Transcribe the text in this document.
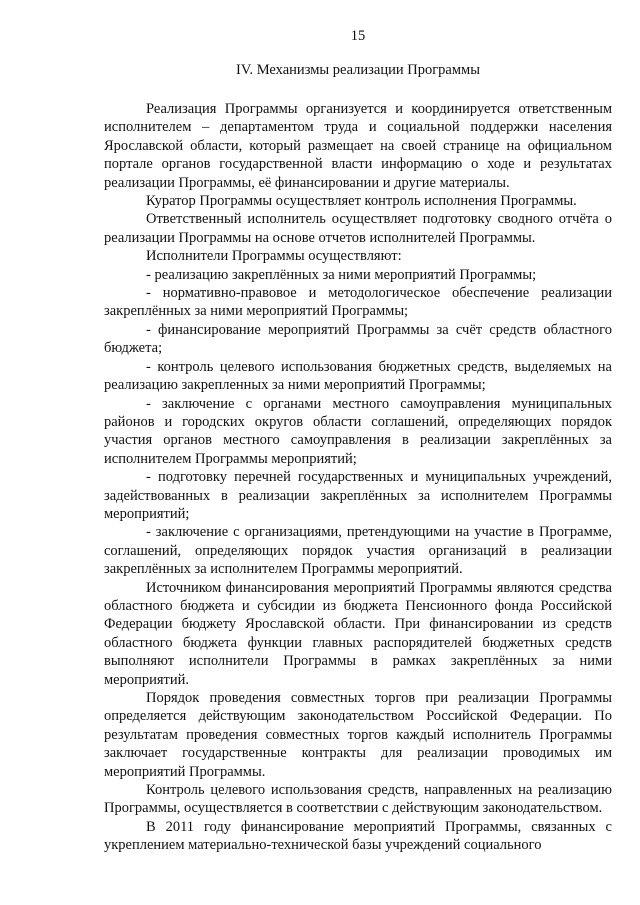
15
IV. Механизмы реализации Программы

Реализация Программы организуется и координируется ответственным исполнителем – департаментом труда и социальной поддержки населения Ярославской области, который размещает на своей странице на официальном портале органов государственной власти информацию о ходе и результатах реализации Программы, её финансировании и другие материалы.

Куратор Программы осуществляет контроль исполнения Программы.

Ответственный исполнитель осуществляет подготовку сводного отчёта о реализации Программы на основе отчетов исполнителей Программы.

Исполнители Программы осуществляют:

- реализацию закреплённых за ними мероприятий Программы;

- нормативно-правовое и методологическое обеспечение реализации закреплённых за ними мероприятий Программы;

- финансирование мероприятий Программы за счёт средств областного бюджета;

- контроль целевого использования бюджетных средств, выделяемых на реализацию закрепленных за ними мероприятий Программы;

- заключение с органами местного самоуправления муниципальных районов и городских округов области соглашений, определяющих порядок участия органов местного самоуправления в реализации закреплённых за исполнителем Программы мероприятий;

- подготовку перечней государственных и муниципальных учреждений, задействованных в реализации закреплённых за исполнителем Программы мероприятий;

- заключение с организациями, претендующими на участие в Программе, соглашений, определяющих порядок участия организаций в реализации закреплённых за исполнителем Программы мероприятий.

Источником финансирования мероприятий Программы являются средства областного бюджета и субсидии из бюджета Пенсионного фонда Российской Федерации бюджету Ярославской области. При финансировании из средств областного бюджета функции главных распорядителей бюджетных средств выполняют исполнители Программы в рамках закреплённых за ними мероприятий.

Порядок проведения совместных торгов при реализации Программы определяется действующим законодательством Российской Федерации. По результатам проведения совместных торгов каждый исполнитель Программы заключает государственные контракты для реализации проводимых им мероприятий Программы.

Контроль целевого использования средств, направленных на реализацию Программы, осуществляется в соответствии с действующим законодательством.

В 2011 году финансирование мероприятий Программы, связанных с укреплением материально-технической базы учреждений социального
